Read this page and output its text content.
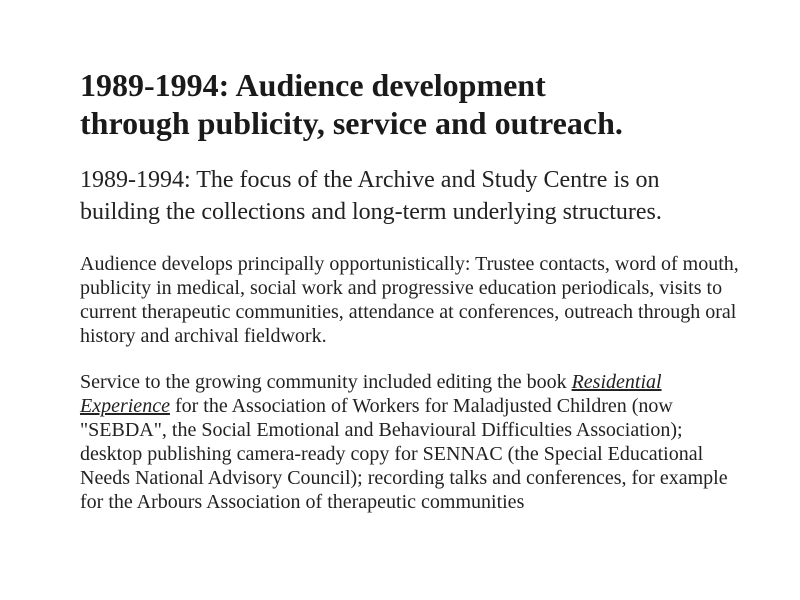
1989-1994: Audience development
through publicity, service and outreach.

1989-1994: The focus of the Archive and Study Centre is on building the collections and long-term underlying structures.

Audience develops principally opportunistically: Trustee contacts, word of mouth, publicity in medical, social work and progressive education periodicals, visits to current therapeutic communities, attendance at conferences, outreach through oral history and archival fieldwork.

Service to the growing community included editing the book Residential Experience for the Association of Workers for Maladjusted Children (now "SEBDA", the Social Emotional and Behavioural Difficulties Association); desktop publishing camera-ready copy for SENNAC (the Special Educational Needs National Advisory Council); recording talks and conferences, for example for the Arbours Association of therapeutic communities
